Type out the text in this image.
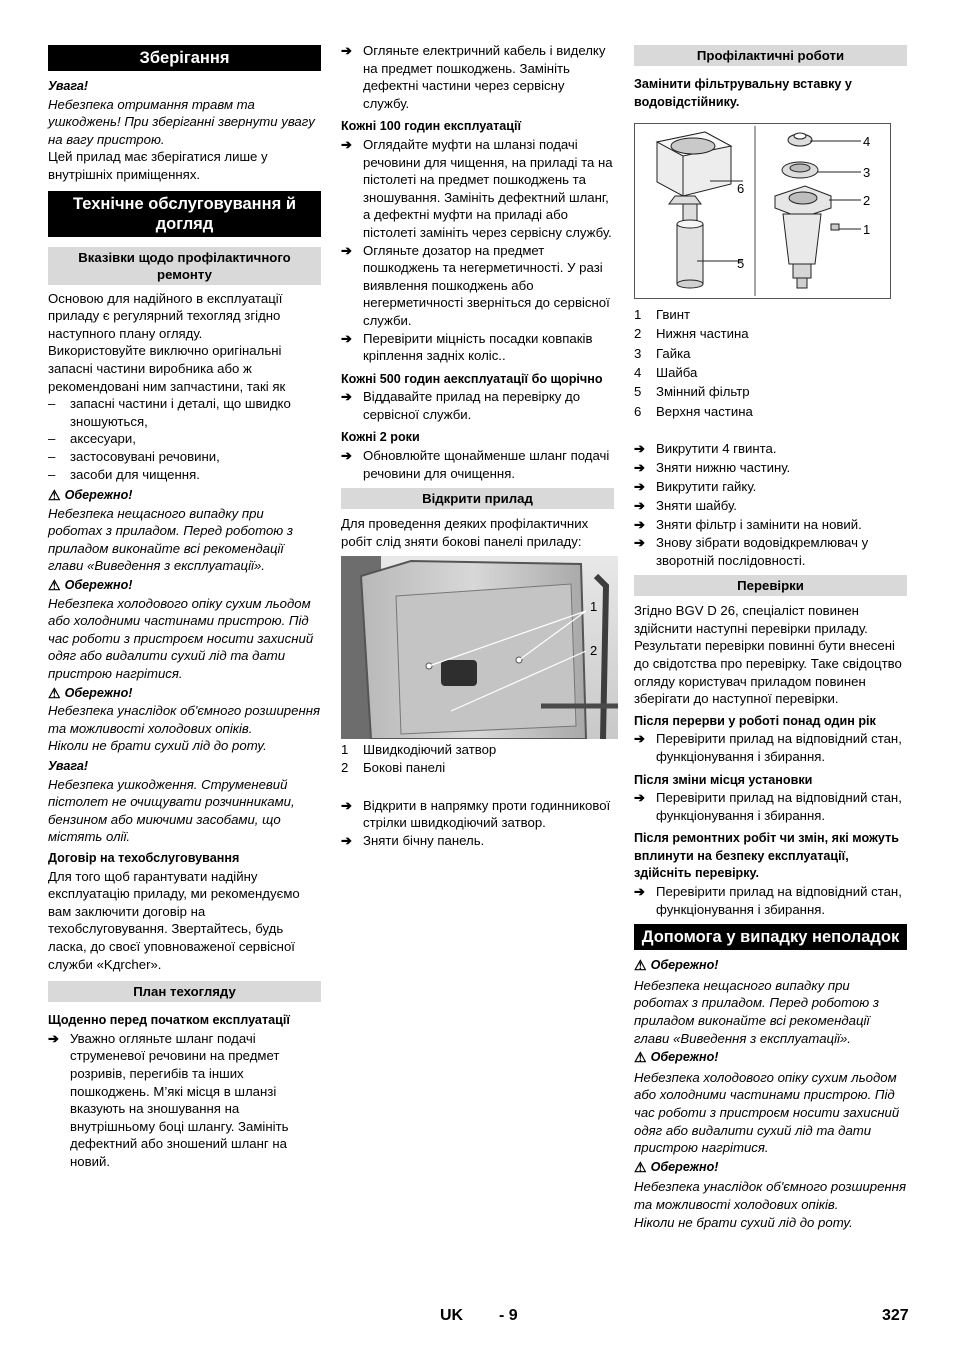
Зберігання
Увага!
Небезпека отримання травм та ушкоджень! При зберіганні звернути увагу на вагу пристрою.
Цей прилад має зберігатися лише у внутрішніх приміщеннях.
Технічне обслуговування й догляд
Вказівки щодо профілактичного ремонту
Основою для надійного в експлуатації приладу є регулярний техогляд згідно наступного плану огляду.
Використовуйте виключно оригінальні запасні частини виробника або ж рекомендовані ним запчастини, такі як
–	запасні частини і деталі, що швидко зношуються,
–	аксесуари,
–	застосовувані речовини,
–	засоби для чищення.
⚠ Обережно!
Небезпека нещасного випадку при роботах з приладом. Перед роботою з приладом виконайте всі рекомендації глави «Виведення з експлуатації».
⚠ Обережно!
Небезпека холодового опіку сухим льодом або холодними частинами пристрою. Під час роботи з пристроєм носити захисний одяг або видалити сухий лід та дати пристрою нагрітися.
⚠ Обережно!
Небезпека унаслідок об'ємного розширення та можливості холодових опіків.
Ніколи не брати сухий лід до роту.
Увага!
Небезпека ушкодження. Струменевий пістолет не очищувати розчинниками, бензином або миючими засобами, що містять олії.
Договір на техобслуговування
Для того щоб гарантувати надійну експлуатацію приладу, ми рекомендуємо вам заключити договір на техобслуговування. Звертайтесь, будь ласка, до своєї уповноваженої сервісної служби «Kдrcher».
План техогляду
Щоденно перед початком експлуатації
➔ Уважно огляньте шланг подачі струменевої речовини на предмет розривів, перегибів та інших пошкоджень. М’які місця в шланзі вказують на зношування на внутрішньому боці шлангу. Замініть дефектний або зношений шланг на новий.
➔ Огляньте електричний кабель і виделку на предмет пошкоджень. Замініть дефектні частини через сервісну службу.
Кожні 100 годин експлуатації
➔ Оглядайте муфти на шланзі подачі речовини для чищення, на приладі та на пістолеті на предмет пошкоджень та зношування. Замініть дефектний шланг, а дефектні муфти на приладі або пістолеті замініть через сервісну службу.
➔ Огляньте дозатор на предмет пошкоджень та негерметичності. У разі виявлення пошкоджень або негерметичності зверніться до сервісної служби.
➔ Перевірити міцність посадки ковпаків кріплення задніх коліс..
Кожні 500 годин аексплуатації бо щорічно
➔ Віддавайте прилад на перевірку до сервісної служби.
Кожні 2 роки
➔ Обновлюйте щонайменше шланг подачі речовини для очищення.
Відкрити прилад
Для проведення деяких профілактичних робіт слід зняти бокові панелі приладу:
1
2
1	Швидкодіючий затвор
2	Бокові панелі
➔ Відкрити в напрямку проти годинникової стрілки швидкодіючий затвор.
➔ Зняти бічну панель.
Профілактичні роботи
Замінити фільтрувальну вставку у водовідстійнику.
4
3
2
1
6
5
1	Гвинт
2	Нижня частина
3	Гайка
4	Шайба
5	Змінний фільтр
6	Верхня частина
➔ Викрутити 4 гвинта.
➔ Зняти нижню частину.
➔ Викрутити гайку.
➔ Зняти шайбу.
➔ Зняти фільтр і замінити на новий.
➔ Знову зібрати водовідкремлювач у зворотній послідовності.
Перевірки
Згідно BGV D 26, спеціаліст повинен здійснити наступні перевірки приладу. Результати перевірки повинні бути внесені до свідотства про перевірку. Таке свідоцтво огляду користувач приладом повинен зберігати до наступної перевірки.
Після перерви у роботі понад один рік
➔ Перевірити прилад на відповідний стан, функціонування і збирання.
Після зміни місця установки
➔ Перевірити прилад на відповідний стан, функціонування і збирання.
Після ремонтних робіт чи змін, які можуть вплинути на безпеку експлуатації, здійсніть перевірку.
➔ Перевірити прилад на відповідний стан, функціонування і збирання.
Допомога у випадку неполадок
⚠ Обережно!
Небезпека нещасного випадку при роботах з приладом. Перед роботою з приладом виконайте всі рекомендації глави «Виведення з експлуатації».
⚠ Обережно!
Небезпека холодового опіку сухим льодом або холодними частинами пристрою. Під час роботи з пристроєм носити захисний одяг або видалити сухий лід та дати пристрою нагрітися.
⚠ Обережно!
Небезпека унаслідок об'ємного розширення та можливості холодових опіків.
Ніколи не брати сухий лід до роту.
UK - 9	327
